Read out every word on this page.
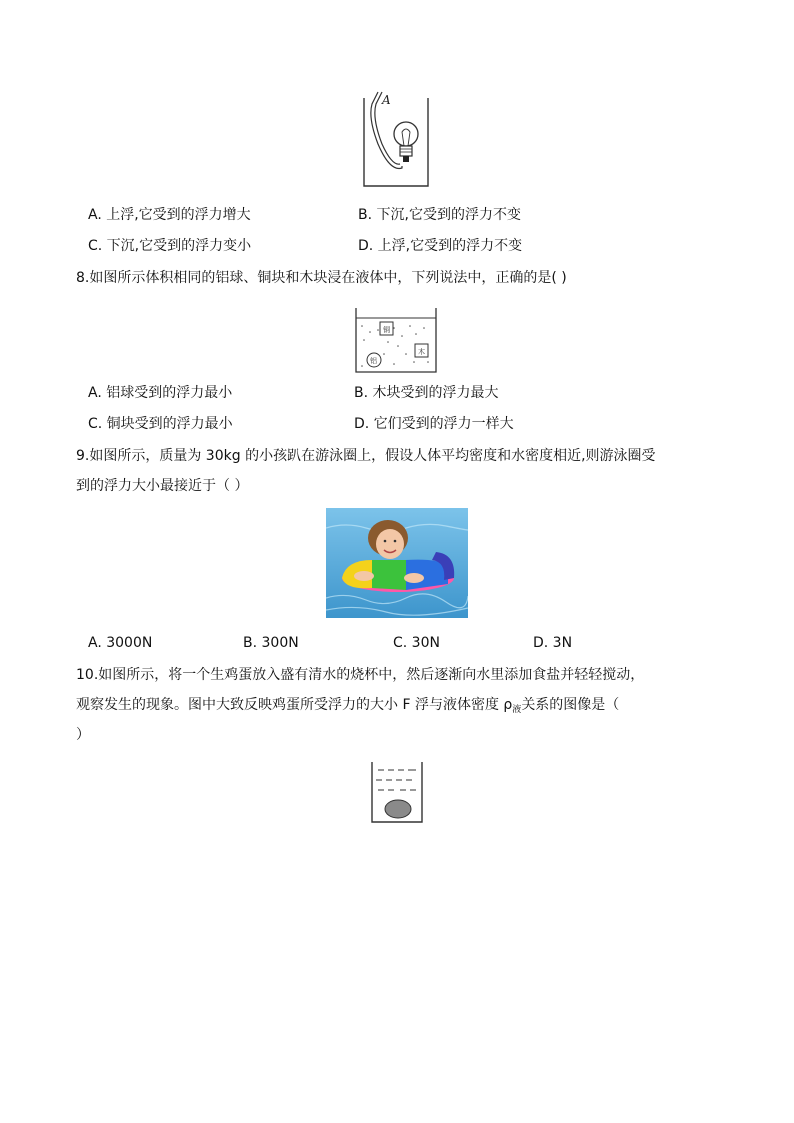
A
A. 上浮,它受到的浮力增大	B. 下沉,它受到的浮力不变
C. 下沉,它受到的浮力变小	D. 上浮,它受到的浮力不变
8.如图所示体积相同的铝球、铜块和木块浸在液体中，下列说法中，正确的是( )
铜
木
铝
A. 铝球受到的浮力最小	B. 木块受到的浮力最大
C. 铜块受到的浮力最小	D. 它们受到的浮力一样大
9.如图所示，质量为 30kg 的小孩趴在游泳圈上，假设人体平均密度和水密度相近,则游泳圈受
到的浮力大小最接近于（ ）
A. 3000N	B. 300N	C. 30N	D. 3N
10.如图所示，将一个生鸡蛋放入盛有清水的烧杯中，然后逐渐向水里添加食盐并轻轻搅动，
观察发生的现象。图中大致反映鸡蛋所受浮力的大小 F 浮与液体密度 $\rho_液$关系的图像是（
）
